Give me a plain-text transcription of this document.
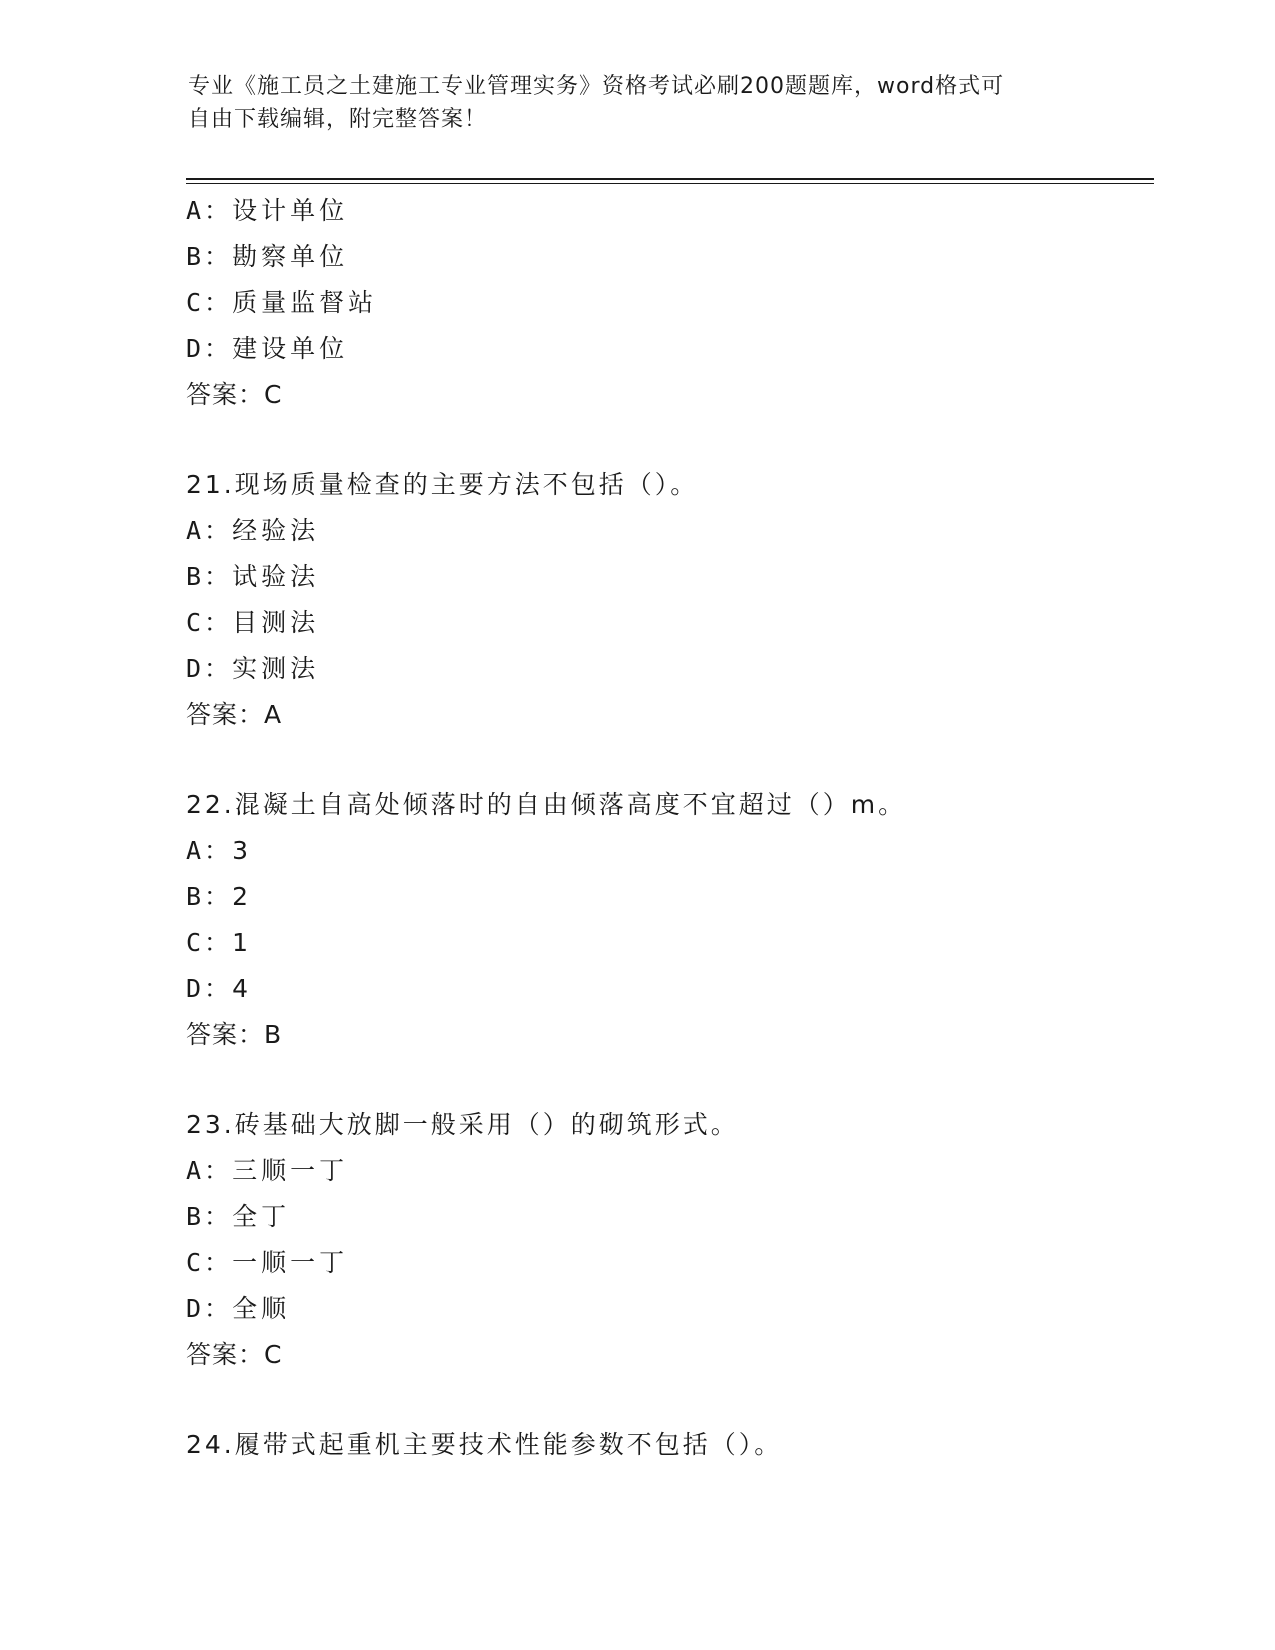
专业《施工员之土建施工专业管理实务》资格考试必刷200题题库，word格式可
自由下载编辑，附完整答案！
A：设计单位
B：勘察单位
C：质量监督站
D：建设单位
答案：C
21.现场质量检查的主要方法不包括（）。
A：经验法
B：试验法
C：目测法
D：实测法
答案：A
22.混凝土自高处倾落时的自由倾落高度不宜超过（）m。
A：3
B：2
C：1
D：4
答案：B
23.砖基础大放脚一般采用（）的砌筑形式。
A：三顺一丁
B：全丁
C：一顺一丁
D：全顺
答案：C
24.履带式起重机主要技术性能参数不包括（）。
